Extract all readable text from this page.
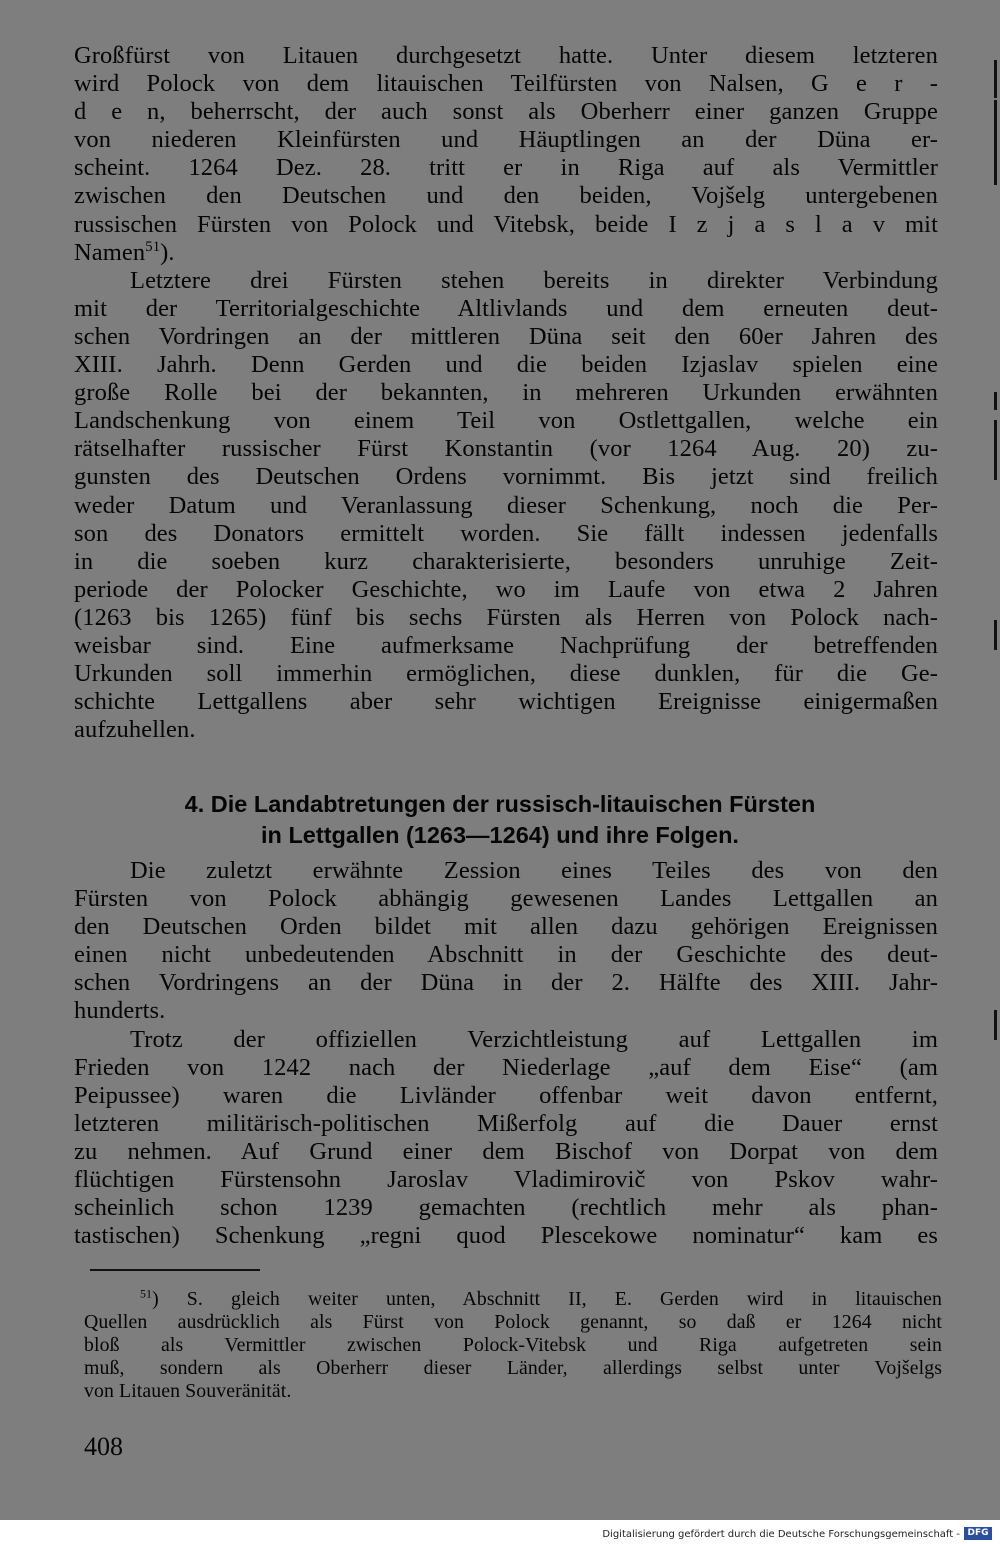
Großfürst von Litauen durchgesetzt hatte. Unter diesem letzteren
wird Polock von dem litauischen Teilfürsten von Nalsen, G e r -
d e n, beherrscht, der auch sonst als Oberherr einer ganzen Gruppe
von niederen Kleinfürsten und Häuptlingen an der Düna er-
scheint. 1264 Dez. 28. tritt er in Riga auf als Vermittler
zwischen den Deutschen und den beiden, Vojšelg untergebenen
russischen Fürsten von Polock und Vitebsk, beide I z j a s l a v mit
Namen$^{51}$).
Letztere drei Fürsten stehen bereits in direkter Verbindung
mit der Territorialgeschichte Altlivlands und dem erneuten deut-
schen Vordringen an der mittleren Düna seit den 60er Jahren des
XIII. Jahrh. Denn Gerden und die beiden Izjaslav spielen eine
große Rolle bei der bekannten, in mehreren Urkunden erwähnten
Landschenkung von einem Teil von Ostlettgallen, welche ein
rätselhafter russischer Fürst Konstantin (vor 1264 Aug. 20) zu-
gunsten des Deutschen Ordens vornimmt. Bis jetzt sind freilich
weder Datum und Veranlassung dieser Schenkung, noch die Per-
son des Donators ermittelt worden. Sie fällt indessen jedenfalls
in die soeben kurz charakterisierte, besonders unruhige Zeit-
periode der Polocker Geschichte, wo im Laufe von etwa 2 Jahren
(1263 bis 1265) fünf bis sechs Fürsten als Herren von Polock nach-
weisbar sind. Eine aufmerksame Nachprüfung der betreffenden
Urkunden soll immerhin ermöglichen, diese dunklen, für die Ge-
schichte Lettgallens aber sehr wichtigen Ereignisse einigermaßen
aufzuhellen.
4. Die Landabtretungen der russisch-litauischen Fürsten
in Lettgallen (1263—1264) und ihre Folgen.
Die zuletzt erwähnte Zession eines Teiles des von den
Fürsten von Polock abhängig gewesenen Landes Lettgallen an
den Deutschen Orden bildet mit allen dazu gehörigen Ereignissen
einen nicht unbedeutenden Abschnitt in der Geschichte des deut-
schen Vordringens an der Düna in der 2. Hälfte des XIII. Jahr-
hunderts.
Trotz der offiziellen Verzichtleistung auf Lettgallen im
Frieden von 1242 nach der Niederlage „auf dem Eise“ (am
Peipussee) waren die Livländer offenbar weit davon entfernt,
letzteren militärisch-politischen Mißerfolg auf die Dauer ernst
zu nehmen. Auf Grund einer dem Bischof von Dorpat von dem
flüchtigen Fürstensohn Jaroslav Vladimirovič von Pskov wahr-
scheinlich schon 1239 gemachten (rechtlich mehr als phan-
tastischen) Schenkung „regni quod Plescekowe nominatur“ kam es
$^{51}$) S. gleich weiter unten, Abschnitt II, E. Gerden wird in litauischen
Quellen ausdrücklich als Fürst von Polock genannt, so daß er 1264 nicht
bloß als Vermittler zwischen Polock-Vitebsk und Riga aufgetreten sein
muß, sondern als Oberherr dieser Länder, allerdings selbst unter Vojšelgs
von Litauen Souveränität.
408
Digitalisierung gefördert durch die Deutsche Forschungsgemeinschaft - DFG
